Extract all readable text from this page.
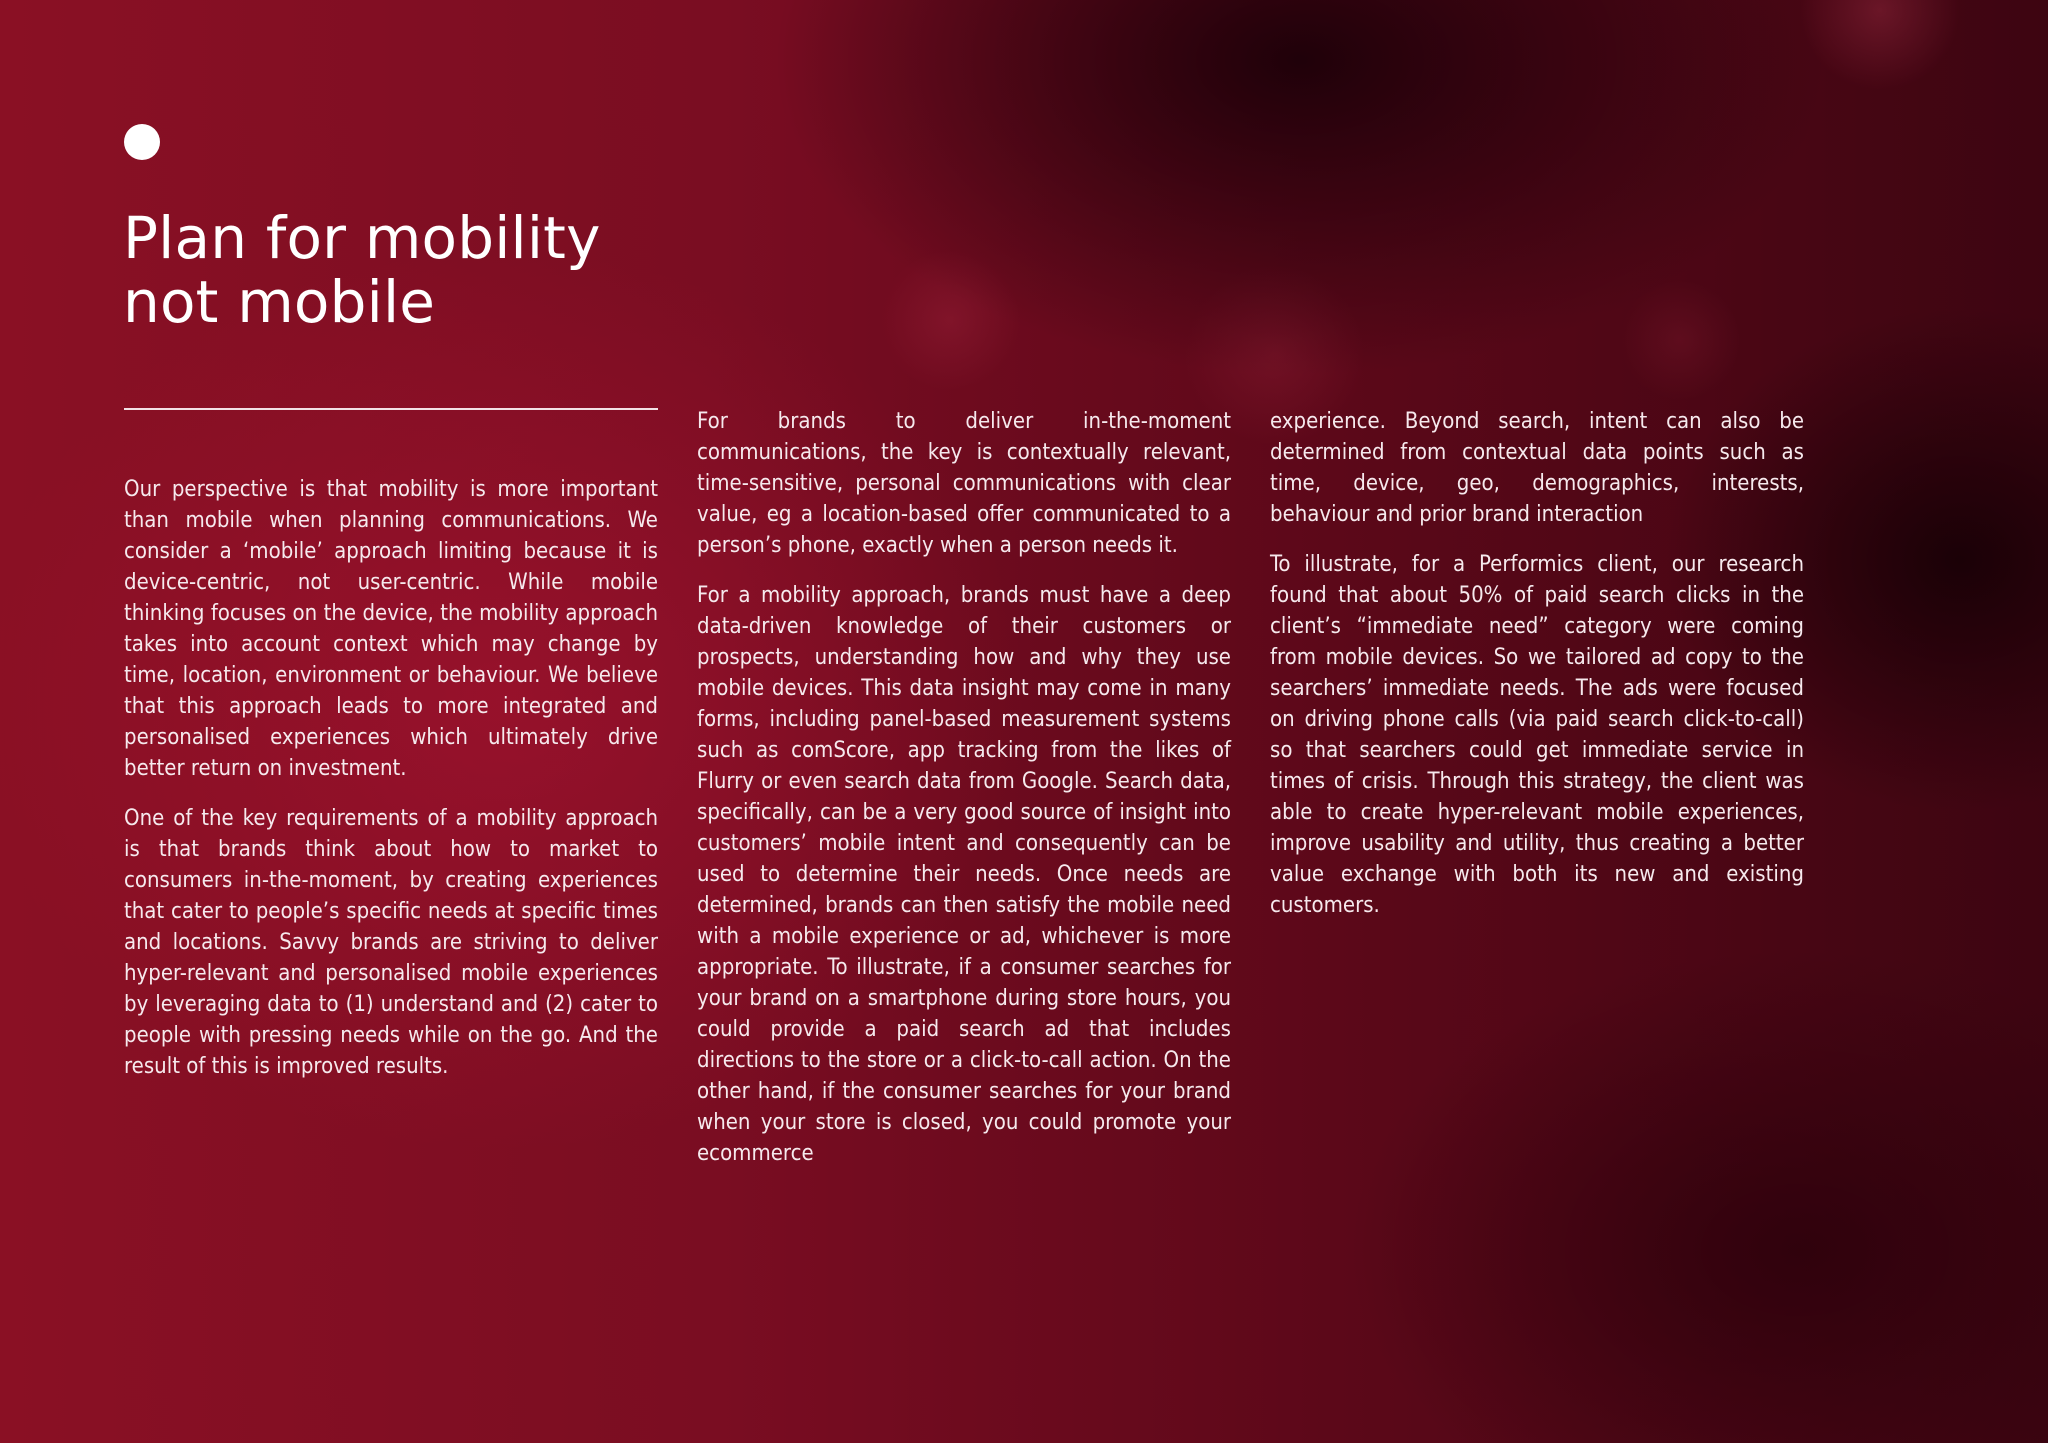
Plan for mobility
not mobile

Our perspective is that mobility is more important than mobile when planning communications. We consider a ‘mobile’ approach limiting because it is device-centric, not user-centric. While mobile thinking focuses on the device, the mobility approach takes into account context which may change by time, location, environment or behaviour. We believe that this approach leads to more integrated and personalised experiences which ultimately drive better return on investment.

One of the key requirements of a mobility approach is that brands think about how to market to consumers in-the-moment, by creating experiences that cater to people’s specific needs at specific times and locations. Savvy brands are striving to deliver hyper-relevant and personalised mobile experiences by leveraging data to (1) understand and (2) cater to people with pressing needs while on the go. And the result of this is improved results.

For brands to deliver in-the-moment communications, the key is contextually relevant, time-sensitive, personal communications with clear value, eg a location-based offer communicated to a person’s phone, exactly when a person needs it.

For a mobility approach, brands must have a deep data-driven knowledge of their customers or prospects, understanding how and why they use mobile devices. This data insight may come in many forms, including panel-based measurement systems such as comScore, app tracking from the likes of Flurry or even search data from Google. Search data, specifically, can be a very good source of insight into customers’ mobile intent and consequently can be used to determine their needs. Once needs are determined, brands can then satisfy the mobile need with a mobile experience or ad, whichever is more appropriate. To illustrate, if a consumer searches for your brand on a smartphone during store hours, you could provide a paid search ad that includes directions to the store or a click-to-call action. On the other hand, if the consumer searches for your brand when your store is closed, you could promote your ecommerce

experience. Beyond search, intent can also be determined from contextual data points such as time, device, geo, demographics, interests, behaviour and prior brand interaction

To illustrate, for a Performics client, our research found that about 50% of paid search clicks in the client’s “immediate need” category were coming from mobile devices. So we tailored ad copy to the searchers’ immediate needs. The ads were focused on driving phone calls (via paid search click-to-call) so that searchers could get immediate service in times of crisis. Through this strategy, the client was able to create hyper-relevant mobile experiences, improve usability and utility, thus creating a better value exchange with both its new and existing customers.
